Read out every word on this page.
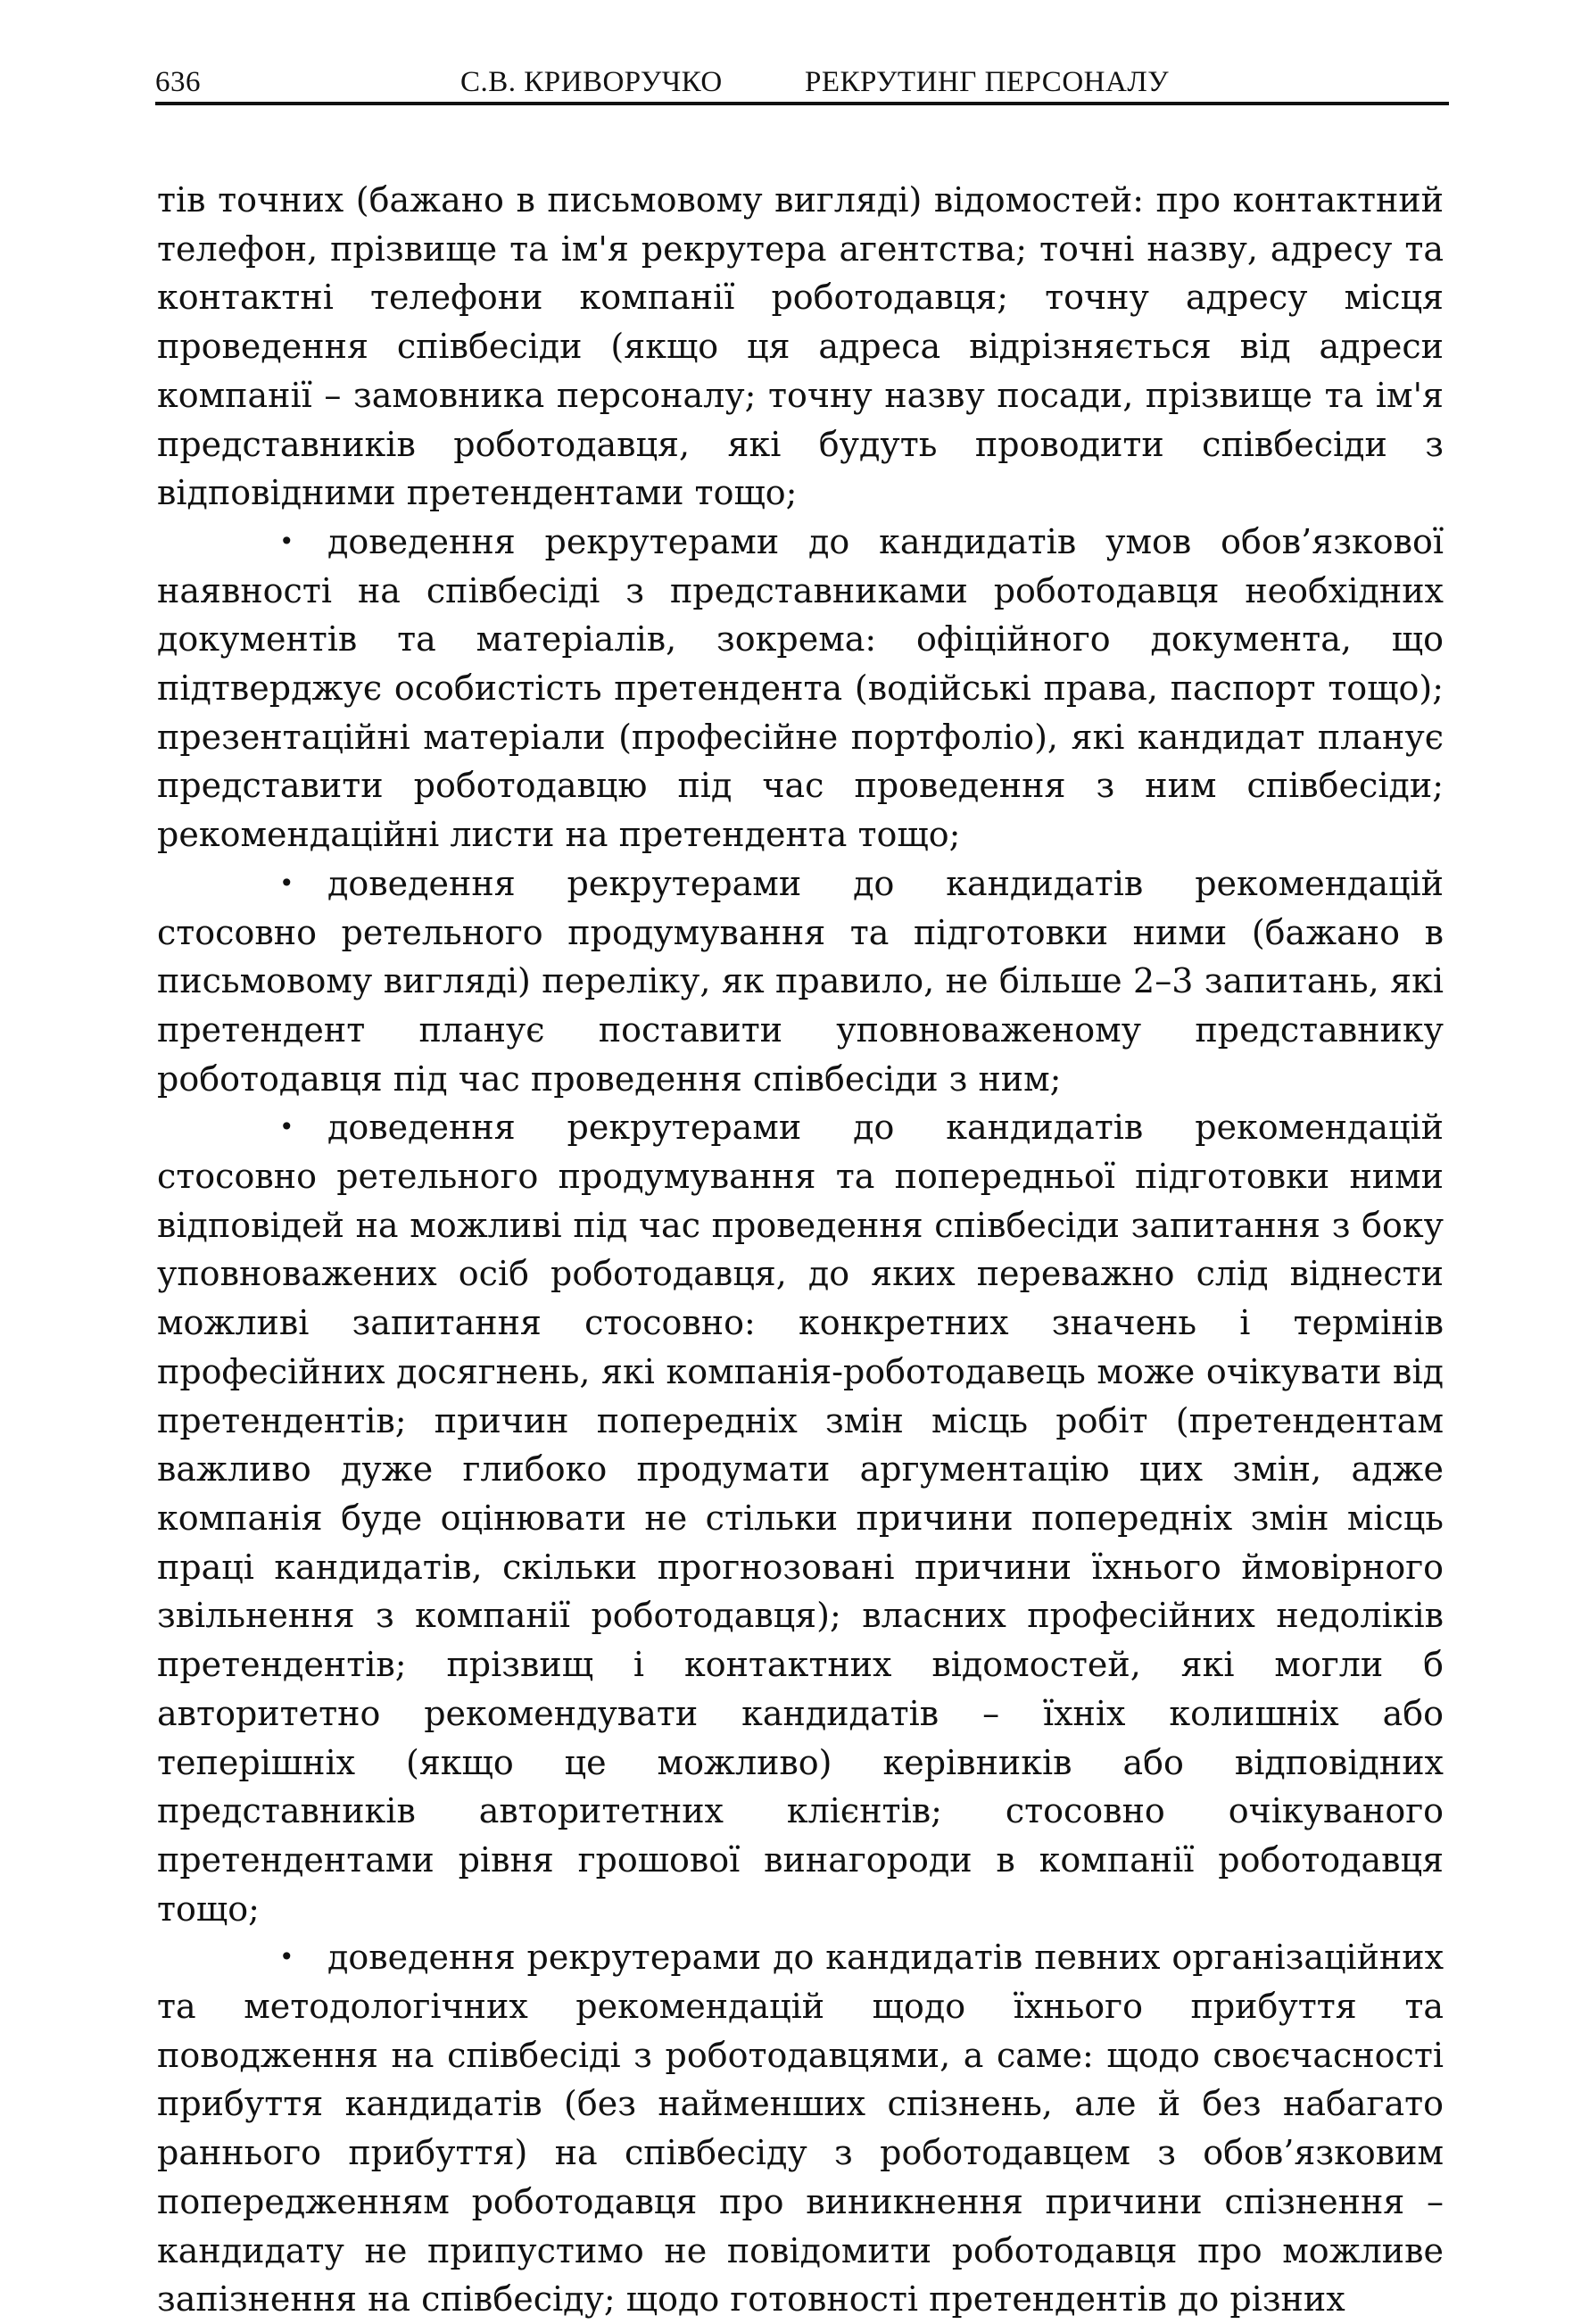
636	С.В. КРИВОРУЧКО	РЕКРУТИНГ ПЕРСОНАЛУ

тів точних (бажано в письмовому вигляді) відомостей: про контактний телефон, прізвище та ім'я рекрутера агентства; точні назву, адресу та контактні телефони компанії роботодавця; точну адресу місця проведення співбесіди (якщо ця адреса відрізняється від адреси компанії – замовника персоналу; точну назву посади, прізвище та ім'я представників роботодавця, які будуть проводити співбесіди з відповідними претендентами тощо;

• доведення рекрутерами до кандидатів умов обов’язкової наявності на співбесіді з представниками роботодавця необхідних документів та матеріалів, зокрема: офіційного документа, що підтверджує особистість претендента (водійські права, паспорт тощо); презентаційні матеріали (професійне портфоліо), які кандидат планує представити роботодавцю під час проведення з ним співбесіди; рекомендаційні листи на претендента тощо;

• доведення рекрутерами до кандидатів рекомендацій стосовно ретельного продумування та підготовки ними (бажано в письмовому вигляді) переліку, як правило, не більше 2–3 запитань, які претендент планує поставити уповноваженому представнику роботодавця під час проведення співбесіди з ним;

• доведення рекрутерами до кандидатів рекомендацій стосовно ретельного продумування та попередньої підготовки ними відповідей на можливі під час проведення співбесіди запитання з боку уповноважених осіб роботодавця, до яких переважно слід віднести можливі запитання стосовно: конкретних значень і термінів професійних досягнень, які компанія-роботодавець може очікувати від претендентів; причин попередніх змін місць робіт (претендентам важливо дуже глибоко продумати аргументацію цих змін, адже компанія буде оцінювати не стільки причини попередніх змін місць праці кандидатів, скільки прогнозовані причини їхнього ймовірного звільнення з компанії роботодавця); власних професійних недоліків претендентів; прізвищ і контактних відомостей, які могли б авторитетно рекомендувати кандидатів – їхніх колишніх або теперішніх (якщо це можливо) керівників або відповідних представників авторитетних клієнтів; стосовно очікуваного претендентами рівня грошової винагороди в компанії роботодавця тощо;

• доведення рекрутерами до кандидатів певних організаційних та методологічних рекомендацій щодо їхнього прибуття та поводження на співбесіді з роботодавцями, а саме: щодо своєчасності прибуття кандидатів (без найменших спізнень, але й без набагато раннього прибуття) на співбесіду з роботодавцем з обов’язковим попередженням роботодавця про виникнення причини спізнення – кандидату не припустимо не повідомити роботодавця про можливе запізнення на співбесіду; щодо готовності претендентів до різних
